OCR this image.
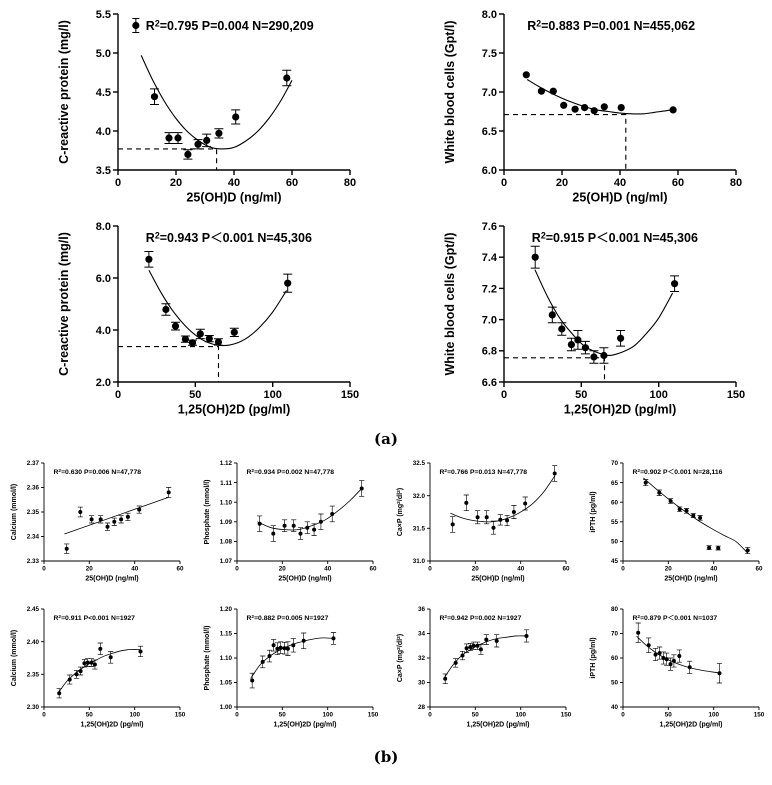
3.5
4.0
4.5
5.0
5.5
0	20	40	60	80
C-reactive protein (mg/l)
25(OH)D (ng/ml)
$R^2=0.795$ P=0.004 N=290,209
6.0
6.5
7.0
7.5
8.0
0	20	40	60	80
White blood cells (Gpt/l)
25(OH)D (ng/ml)
$R^2=0.883$ P=0.001 N=455,062
2.0
4.0
6.0
8.0
0	50	100	150
C-reactive protein (mg/l)
1,25(OH)2D (pg/ml)
$R^2=0.943$ P＜0.001 N=45,306
6.6
6.8
7.0
7.2
7.4
7.6
0	50	100	150
White blood cells (Gpt/l)
1,25(OH)2D (pg/ml)
$R^2=0.915$ P＜0.001 N=45,306
(a)
2.33
2.34
2.35
2.36
2.37
0	20	40	60
Calcium (mmol/l)
25(OH)D (ng/ml)
$R^2=0.630$ P=0.006 N=47,778
1.07
1.08
1.09
1.10
1.11
1.12
0	20	40	60
Phosphate (mmol/l)
25(OH)D (ng/ml)
$R^2=0.934$ P=0.002 N=47,778
31.0
31.5
32.0
32.5
0	20	40	60
Ca×P $(mg^2/dl^2)$
25(OH)D (ng/ml)
$R^2=0.766$ P=0.013 N=47,778
45
50
55
60
65
70
0	20	40	60
iPTH (pg/ml)
25(OH)D (ng/ml)
$R^2=0.902$ P＜0.001 N=28,116
2.30
2.35
2.40
2.45
0	50	100	150
Calcium (mmol/l)
1,25(OH)2D (pg/ml)
$R^2=0.911$ P<0.001 N=1927
1.00
1.05
1.10
1.15
1.20
0	50	100	150
Phosphate (mmol/l)
1,25(OH)2D (pg/ml)
$R^2=0.882$ P=0.005 N=1927
28
30
32
34
36
0	50	100	150
Ca×P $(mg^2/dl^2)$
1,25(OH)2D (pg/ml)
$R^2=0.942$ P=0.002 N=1927
40
50
60
70
80
0	50	100	150
iPTH (pg/ml)
1,25(OH)2D (pg/ml)
$R^2=0.879$ P＜0.001 N=1037
(b)
